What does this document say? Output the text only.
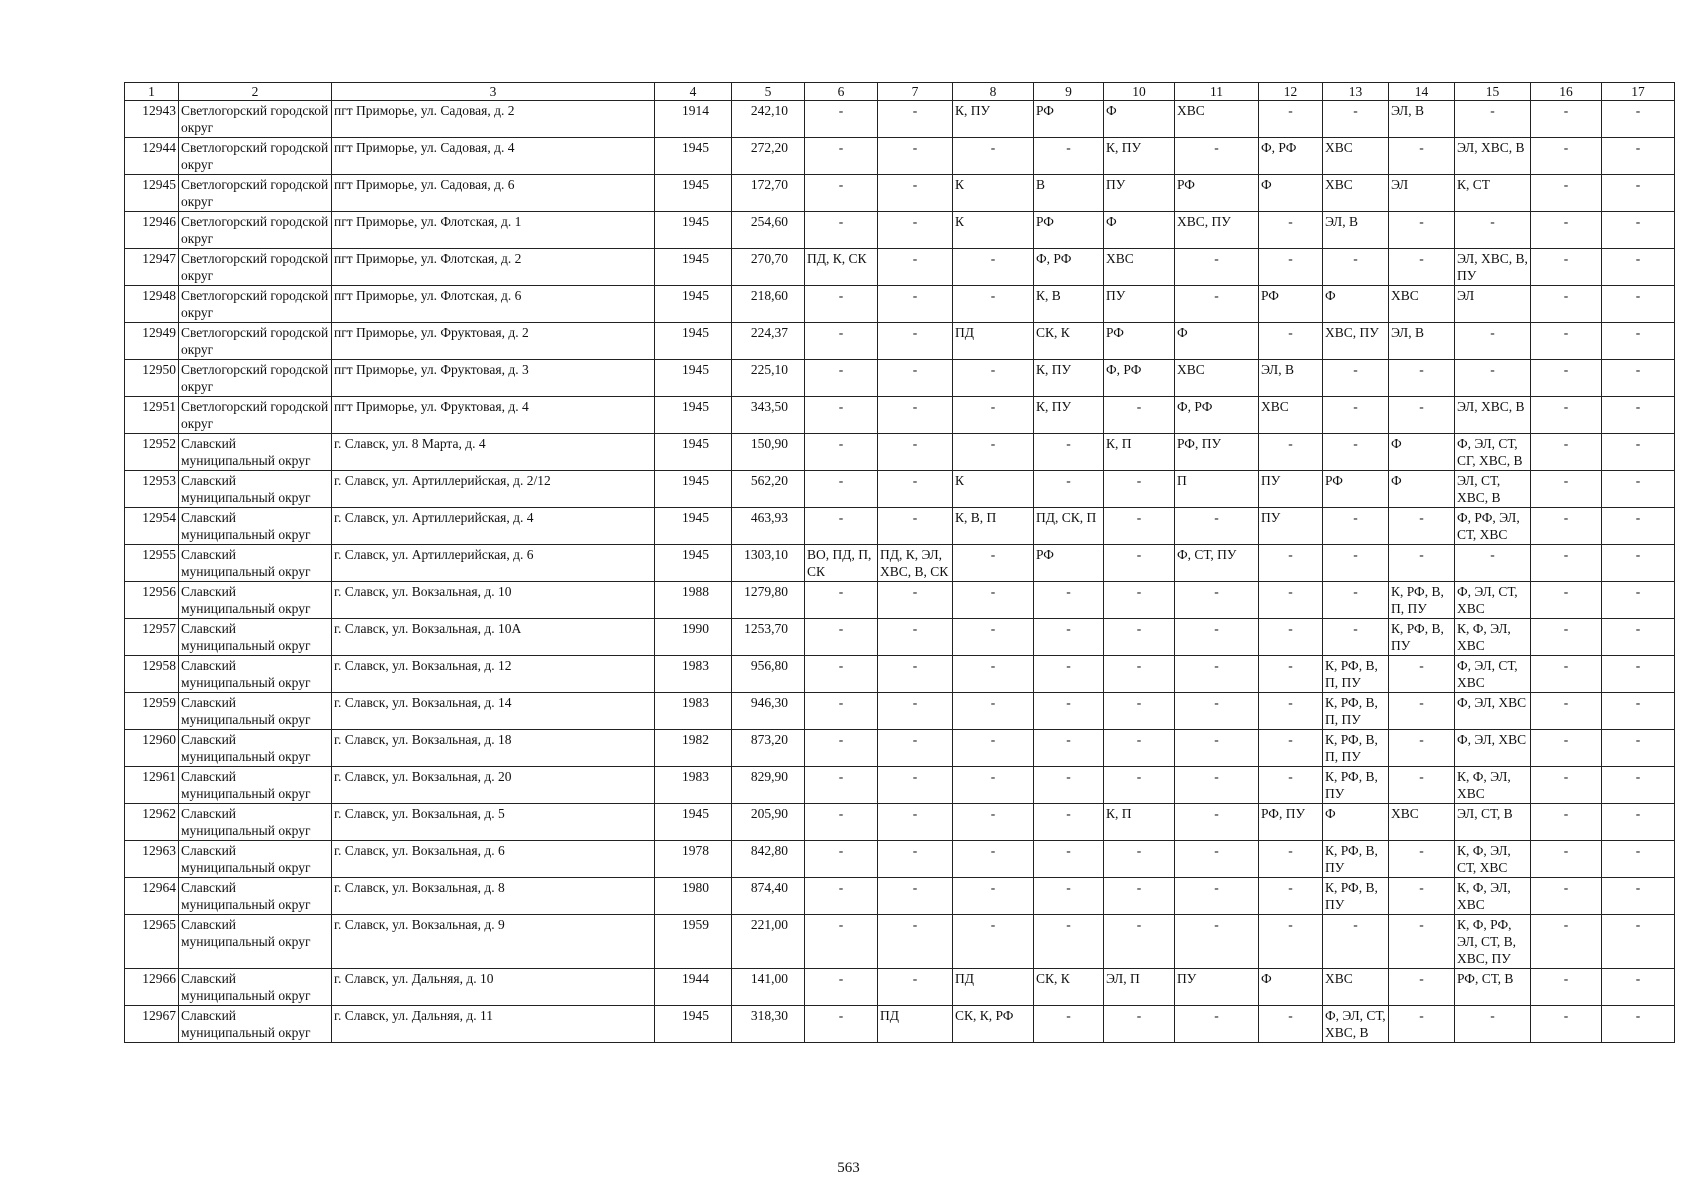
1	2	3	4	5	6	7	8	9	10	11	12	13	14	15	16	17
12943	Светлогорский городской округ	пгт Приморье, ул. Садовая, д. 2	1914	242,10	-	-	К, ПУ	РФ	Ф	ХВС	-	-	ЭЛ, В	-	-	-
12944	Светлогорский городской округ	пгт Приморье, ул. Садовая, д. 4	1945	272,20	-	-	-	-	К, ПУ	-	Ф, РФ	ХВС	-	ЭЛ, ХВС, В	-	-
12945	Светлогорский городской округ	пгт Приморье, ул. Садовая, д. 6	1945	172,70	-	-	К	В	ПУ	РФ	Ф	ХВС	ЭЛ	К, СТ	-	-
12946	Светлогорский городской округ	пгт Приморье, ул. Флотская, д. 1	1945	254,60	-	-	К	РФ	Ф	ХВС, ПУ	-	ЭЛ, В	-	-	-	-
12947	Светлогорский городской округ	пгт Приморье, ул. Флотская, д. 2	1945	270,70	ПД, К, СК	-	-	Ф, РФ	ХВС	-	-	-	-	ЭЛ, ХВС, В, ПУ	-	-
12948	Светлогорский городской округ	пгт Приморье, ул. Флотская, д. 6	1945	218,60	-	-	-	К, В	ПУ	-	РФ	Ф	ХВС	ЭЛ	-	-
12949	Светлогорский городской округ	пгт Приморье, ул. Фруктовая, д. 2	1945	224,37	-	-	ПД	СК, К	РФ	Ф	-	ХВС, ПУ	ЭЛ, В	-	-	-
12950	Светлогорский городской округ	пгт Приморье, ул. Фруктовая, д. 3	1945	225,10	-	-	-	К, ПУ	Ф, РФ	ХВС	ЭЛ, В	-	-	-	-	-
12951	Светлогорский городской округ	пгт Приморье, ул. Фруктовая, д. 4	1945	343,50	-	-	-	К, ПУ	-	Ф, РФ	ХВС	-	-	ЭЛ, ХВС, В	-	-
12952	Славский муниципальный округ	г. Славск, ул. 8 Марта, д. 4	1945	150,90	-	-	-	-	К, П	РФ, ПУ	-	-	Ф	Ф, ЭЛ, СТ, СГ, ХВС, В	-	-
12953	Славский муниципальный округ	г. Славск, ул. Артиллерийская, д. 2/12	1945	562,20	-	-	К	-	-	П	ПУ	РФ	Ф	ЭЛ, СТ, ХВС, В	-	-
12954	Славский муниципальный округ	г. Славск, ул. Артиллерийская, д. 4	1945	463,93	-	-	К, В, П	ПД, СК, П	-	-	ПУ	-	-	Ф, РФ, ЭЛ, СТ, ХВС	-	-
12955	Славский муниципальный округ	г. Славск, ул. Артиллерийская, д. 6	1945	1303,10	ВО, ПД, П, СК	ПД, К, ЭЛ, ХВС, В, СК	-	РФ	-	Ф, СТ, ПУ	-	-	-	-	-	-
12956	Славский муниципальный округ	г. Славск, ул. Вокзальная, д. 10	1988	1279,80	-	-	-	-	-	-	-	-	К, РФ, В, П, ПУ	Ф, ЭЛ, СТ, ХВС	-	-
12957	Славский муниципальный округ	г. Славск, ул. Вокзальная, д. 10А	1990	1253,70	-	-	-	-	-	-	-	-	К, РФ, В, ПУ	К, Ф, ЭЛ, ХВС	-	-
12958	Славский муниципальный округ	г. Славск, ул. Вокзальная, д. 12	1983	956,80	-	-	-	-	-	-	-	К, РФ, В, П, ПУ	-	Ф, ЭЛ, СТ, ХВС	-	-
12959	Славский муниципальный округ	г. Славск, ул. Вокзальная, д. 14	1983	946,30	-	-	-	-	-	-	-	К, РФ, В, П, ПУ	-	Ф, ЭЛ, ХВС	-	-
12960	Славский муниципальный округ	г. Славск, ул. Вокзальная, д. 18	1982	873,20	-	-	-	-	-	-	-	К, РФ, В, П, ПУ	-	Ф, ЭЛ, ХВС	-	-
12961	Славский муниципальный округ	г. Славск, ул. Вокзальная, д. 20	1983	829,90	-	-	-	-	-	-	-	К, РФ, В, ПУ	-	К, Ф, ЭЛ, ХВС	-	-
12962	Славский муниципальный округ	г. Славск, ул. Вокзальная, д. 5	1945	205,90	-	-	-	-	К, П	-	РФ, ПУ	Ф	ХВС	ЭЛ, СТ, В	-	-
12963	Славский муниципальный округ	г. Славск, ул. Вокзальная, д. 6	1978	842,80	-	-	-	-	-	-	-	К, РФ, В, ПУ	-	К, Ф, ЭЛ, СТ, ХВС	-	-
12964	Славский муниципальный округ	г. Славск, ул. Вокзальная, д. 8	1980	874,40	-	-	-	-	-	-	-	К, РФ, В, ПУ	-	К, Ф, ЭЛ, ХВС	-	-
12965	Славский муниципальный округ	г. Славск, ул. Вокзальная, д. 9	1959	221,00	-	-	-	-	-	-	-	-	-	К, Ф, РФ, ЭЛ, СТ, В, ХВС, ПУ	-	-
12966	Славский муниципальный округ	г. Славск, ул. Дальняя, д. 10	1944	141,00	-	-	ПД	СК, К	ЭЛ, П	ПУ	Ф	ХВС	-	РФ, СТ, В	-	-
12967	Славский муниципальный округ	г. Славск, ул. Дальняя, д. 11	1945	318,30	-	ПД	СК, К, РФ	-	-	-	-	Ф, ЭЛ, СТ, ХВС, В	-	-	-	-
563
